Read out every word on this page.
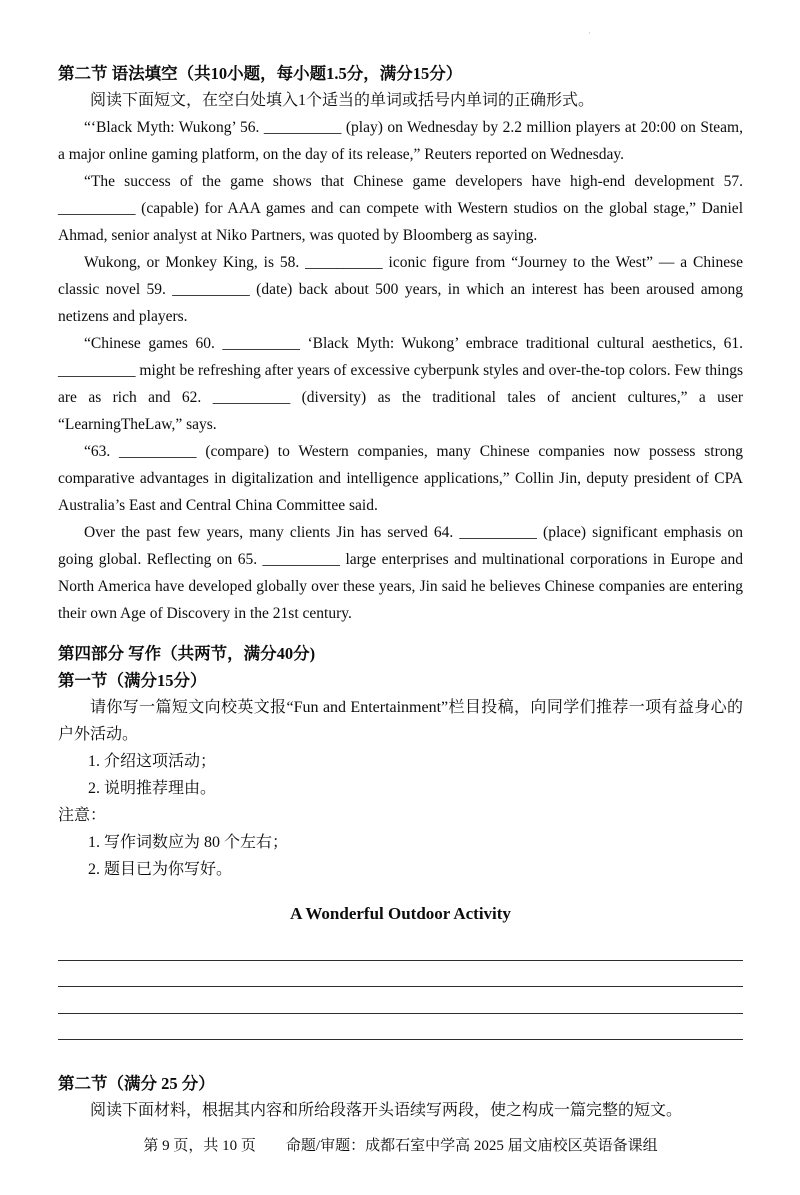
·
第二节 语法填空（共10小题，每小题1.5分，满分15分）

阅读下面短文，在空白处填入1个适当的单词或括号内单词的正确形式。

“‘Black Myth: Wukong’ 56. __________ (play) on Wednesday by 2.2 million players at 20:00 on Steam, a major online gaming platform, on the day of its release,” Reuters reported on Wednesday.

“The success of the game shows that Chinese game developers have high-end development 57. __________ (capable) for AAA games and can compete with Western studios on the global stage,” Daniel Ahmad, senior analyst at Niko Partners, was quoted by Bloomberg as saying.

Wukong, or Monkey King, is 58. __________ iconic figure from “Journey to the West” — a Chinese classic novel 59. __________ (date) back about 500 years, in which an interest has been aroused among netizens and players.

“Chinese games 60. __________ ‘Black Myth: Wukong’ embrace traditional cultural aesthetics, 61. __________ might be refreshing after years of excessive cyberpunk styles and over-the-top colors. Few things are as rich and 62. __________ (diversity) as the traditional tales of ancient cultures,” a user “LearningTheLaw,” says.

“63. __________ (compare) to Western companies, many Chinese companies now possess strong comparative advantages in digitalization and intelligence applications,” Collin Jin, deputy president of CPA Australia’s East and Central China Committee said.

Over the past few years, many clients Jin has served 64. __________ (place) significant emphasis on going global. Reflecting on 65. __________ large enterprises and multinational corporations in Europe and North America have developed globally over these years, Jin said he believes Chinese companies are entering their own Age of Discovery in the 21st century.

第四部分 写作（共两节，满分40分)
第一节（满分15分）

请你写一篇短文向校英文报“Fun and Entertainment”栏目投稿，向同学们推荐一项有益身心的户外活动。

1. 介绍这项活动；

2. 说明推荐理由。

注意：

1. 写作词数应为 80 个左右；

2. 题目已为你写好。

A Wonderful Outdoor Activity
第二节（满分 25 分）

阅读下面材料，根据其内容和所给段落开头语续写两段，使之构成一篇完整的短文。

第 9 页，共 10 页　　命题/审题：成都石室中学高 2025 届文庙校区英语备课组
